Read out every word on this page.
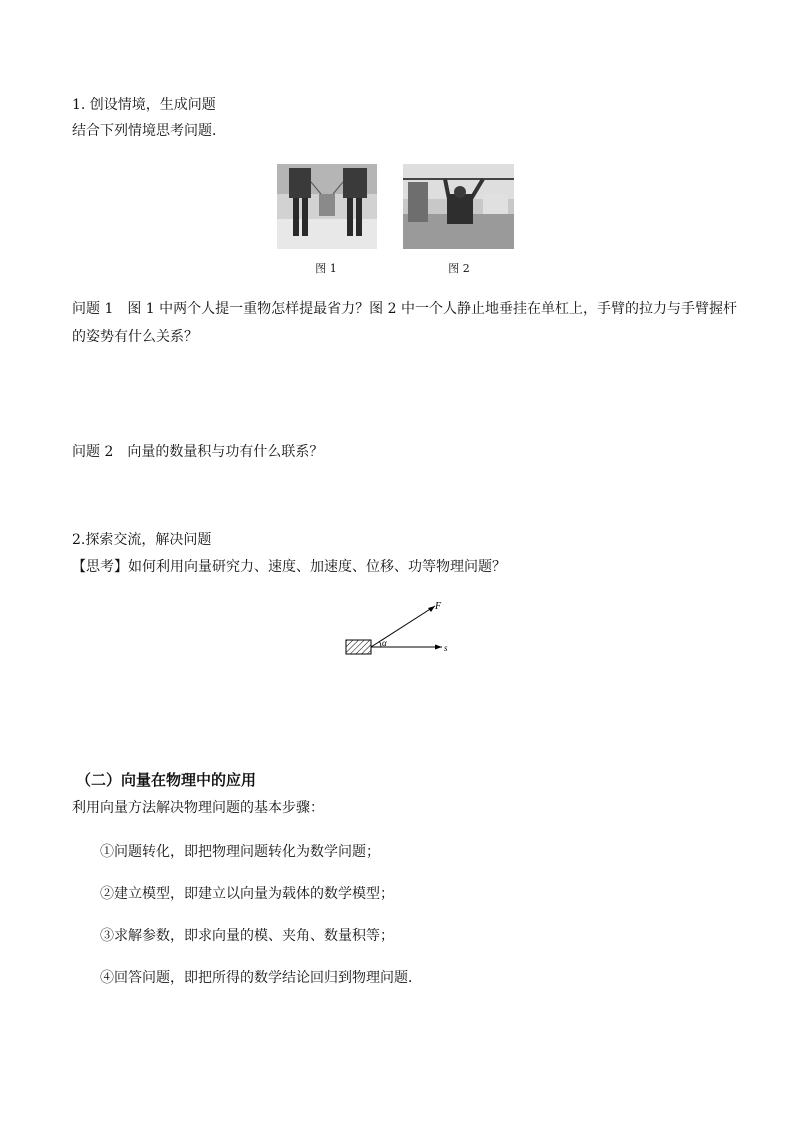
1. 创设情境，生成问题
结合下列情境思考问题．
图 1	图 2
问题 1　图 1 中两个人提一重物怎样提最省力？图 2 中一个人静止地垂挂在单杠上，手臂的拉力与手臂握杆
的姿势有什么关系？
问题 2　向量的数量积与功有什么联系？
2.探索交流，解决问题
【思考】如何利用向量研究力、速度、加速度、位移、功等物理问题？
F
α	s
（二）向量在物理中的应用
利用向量方法解决物理问题的基本步骤：
①问题转化，即把物理问题转化为数学问题；
②建立模型，即建立以向量为载体的数学模型；
③求解参数，即求向量的模、夹角、数量积等；
④回答问题，即把所得的数学结论回归到物理问题．
